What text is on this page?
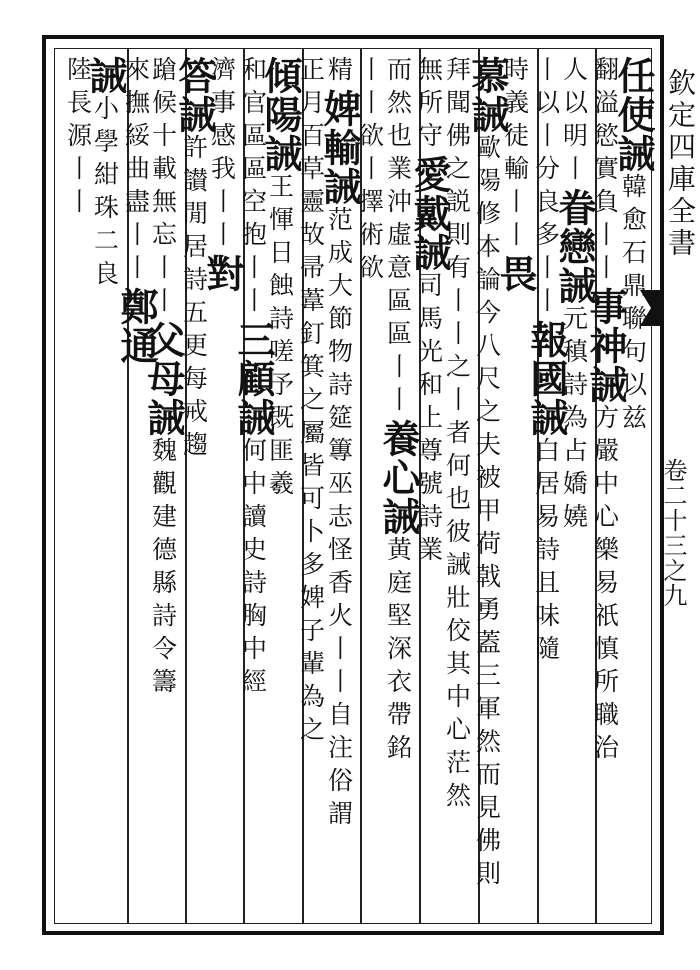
欽定四庫全書
卷二十三之九
任使誡
韓愈石鼎聯句以兹
翻溢慾實負丨丨
事神誡
方嚴中心樂易祇慎所職治
人以明丨
眷戀誡
元稹詩為占嬌嬈
丨以丨
分良多丨丨
報國誡
白居易詩且味隨
時義徒輸丨丨
畏
慕誡
歐陽修本論今八尺之夫被甲荷戟勇蓋三軍然而見佛則
拜聞佛之説則有丨丨之丨者何也彼誡壯佼其中心茫然
無所守
愛戴誡
司馬光和上尊號詩業
而然也
業沖虛意區區丨丨
養心誡
黄庭堅深衣帶銘
丨丨欲丨擇術欲
精
婢輸誡
范成大節物詩筵篿巫志怪香火丨丨自注俗謂
正月百草靈故帚葦釘箕之屬皆可卜多婢子輩為之
傾陽誡
王惲日蝕詩嗟予既匪羲
和官區區空抱丨丨
三顧誡
何中讀史詩胸中經
濟事感我丨丨
對
答誡
許讃閒居詩五更每戒趨
蹌候十載無忘丨丨
父母誡
魏觀建德縣詩令籌
來撫綏曲盡丨丨
鄭通
誡
小學紺珠二良
陸長源丨丨
